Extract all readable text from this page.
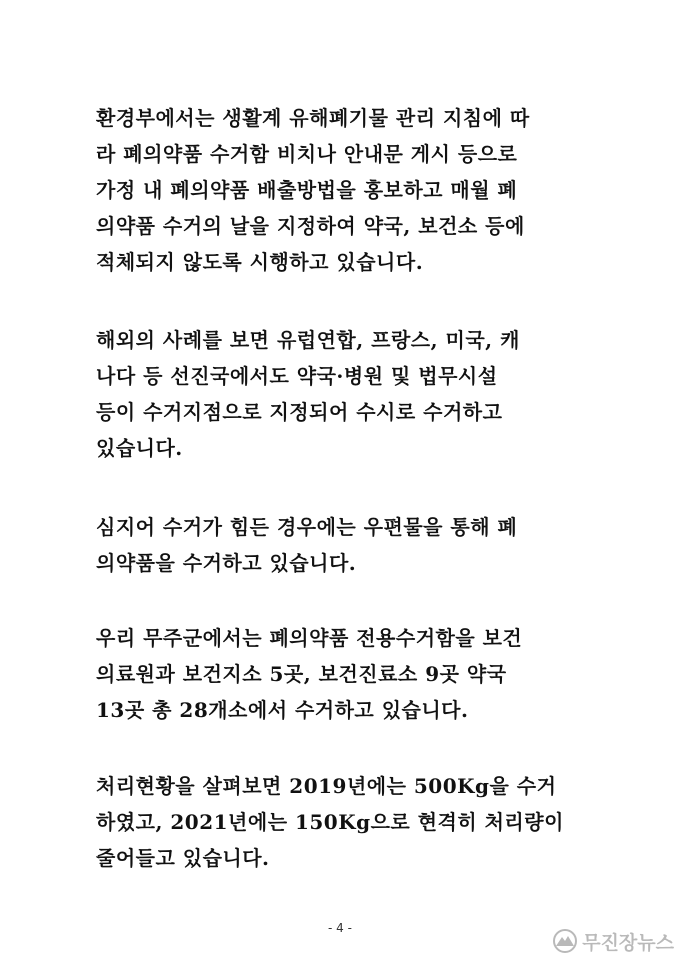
환경부에서는 생활계 유해폐기물 관리 지침에 따
라 폐의약품 수거함 비치나 안내문 게시 등으로
가정 내 폐의약품 배출방법을 홍보하고 매월 폐
의약품 수거의 날을 지정하여 약국, 보건소 등에
적체되지 않도록 시행하고 있습니다.
해외의 사례를 보면 유럽연합, 프랑스, 미국, 캐
나다 등 선진국에서도 약국·병원 및 법무시설
등이 수거지점으로 지정되어 수시로 수거하고
있습니다.
심지어 수거가 힘든 경우에는 우편물을 통해 폐
의약품을 수거하고 있습니다.
우리 무주군에서는 폐의약품 전용수거함을 보건
의료원과 보건지소 5곳, 보건진료소 9곳 약국
13곳 총 28개소에서 수거하고 있습니다.
처리현황을 살펴보면 2019년에는 500Kg을 수거
하였고, 2021년에는 150Kg으로 현격히 처리량이
줄어들고 있습니다.
- 4 -
무진장뉴스
